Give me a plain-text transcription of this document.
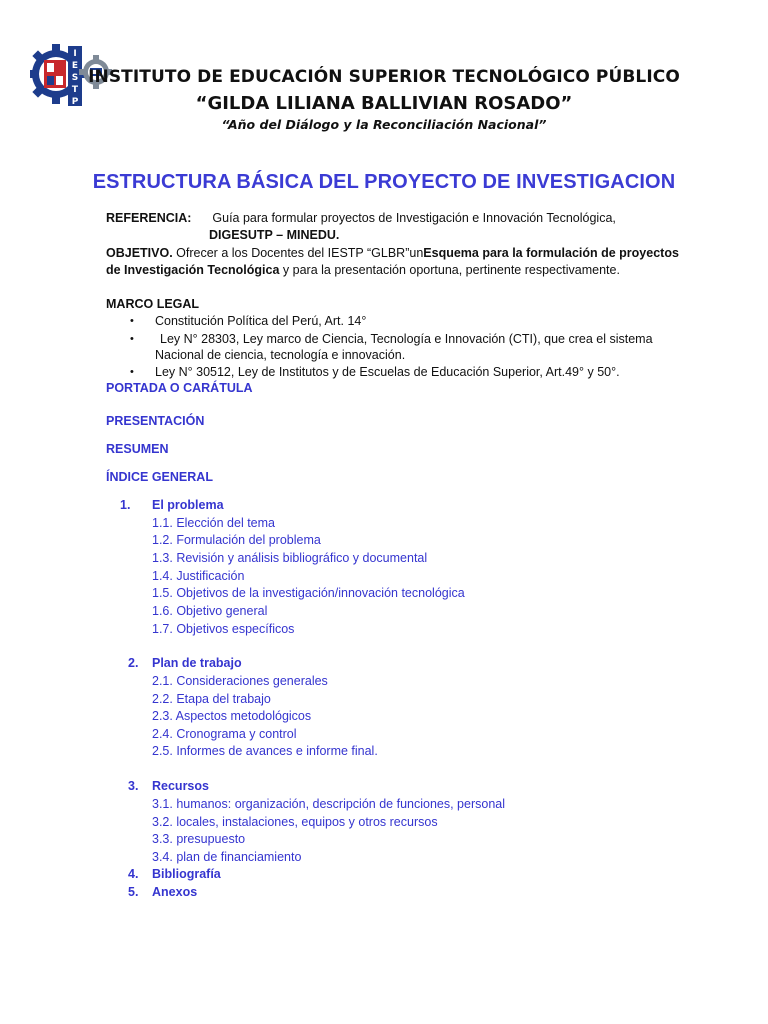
I
E
S
T
P
INSTITUTO DE EDUCACIÓN SUPERIOR TECNOLÓGICO PÚBLICO
“GILDA LILIANA BALLIVIAN ROSADO”
“Año del Diálogo y la Reconciliación Nacional”
ESTRUCTURA BÁSICA DEL PROYECTO DE INVESTIGACION
REFERENCIA: Guía para formular proyectos de Investigación e Innovación Tecnológica,
DIGESUTP – MINEDU.
OBJETIVO. Ofrecer a los Docentes del IESTP “GLBR”unEsquema para la formulación de proyectos
de Investigación Tecnológica y para la presentación oportuna, pertinente respectivamente.
MARCO LEGAL
• Constitución Política del Perú, Art. 14°
• Ley N° 28303, Ley marco de Ciencia, Tecnología e Innovación (CTI), que crea el sistema
Nacional de ciencia, tecnología e innovación.
• Ley N° 30512, Ley de Institutos y de Escuelas de Educación Superior, Art.49° y 50°.
PORTADA O CARÁTULA
PRESENTACIÓN
RESUMEN
ÍNDICE GENERAL
1. El problema
1.1. Elección del tema
1.2. Formulación del problema
1.3. Revisión y análisis bibliográfico y documental
1.4. Justificación
1.5. Objetivos de la investigación/innovación tecnológica
1.6. Objetivo general
1.7. Objetivos específicos
2. Plan de trabajo
2.1. Consideraciones generales
2.2. Etapa del trabajo
2.3. Aspectos metodológicos
2.4. Cronograma y control
2.5. Informes de avances e informe final.
3. Recursos
3.1. humanos: organización, descripción de funciones, personal
3.2. locales, instalaciones, equipos y otros recursos
3.3. presupuesto
3.4. plan de financiamiento
4. Bibliografía
5. Anexos
